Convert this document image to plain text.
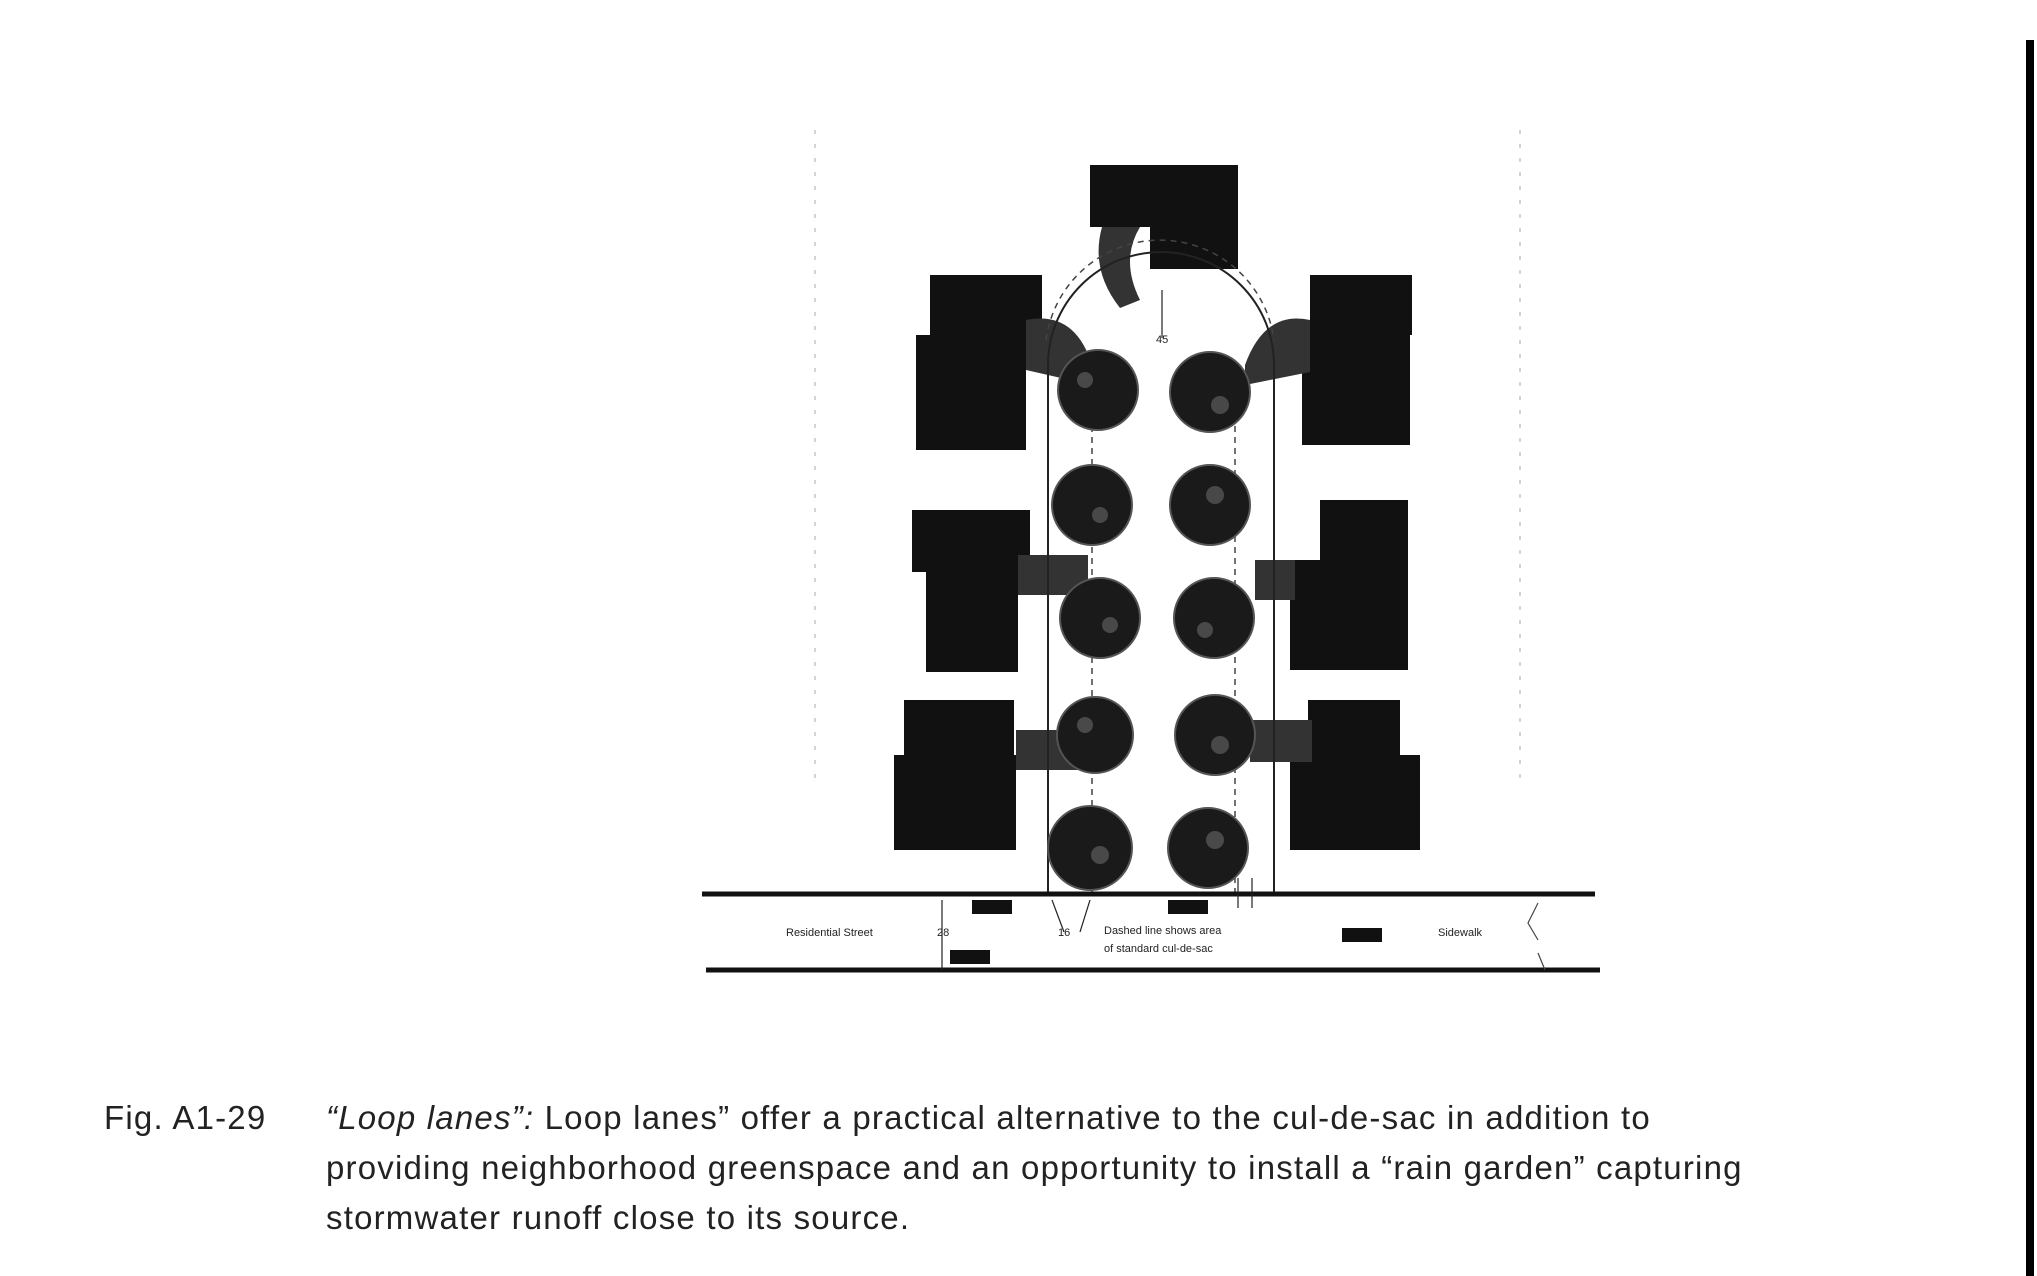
45
Residential Street	28	16	Dashed line shows area
of standard cul-de-sac
Sidewalk
Fig. A1-29 “Loop lanes”: Loop lanes” offer a practical alternative to the cul-de-sac in addition to
providing neighborhood greenspace and an opportunity to install a “rain garden” capturing
stormwater runoff close to its source.
